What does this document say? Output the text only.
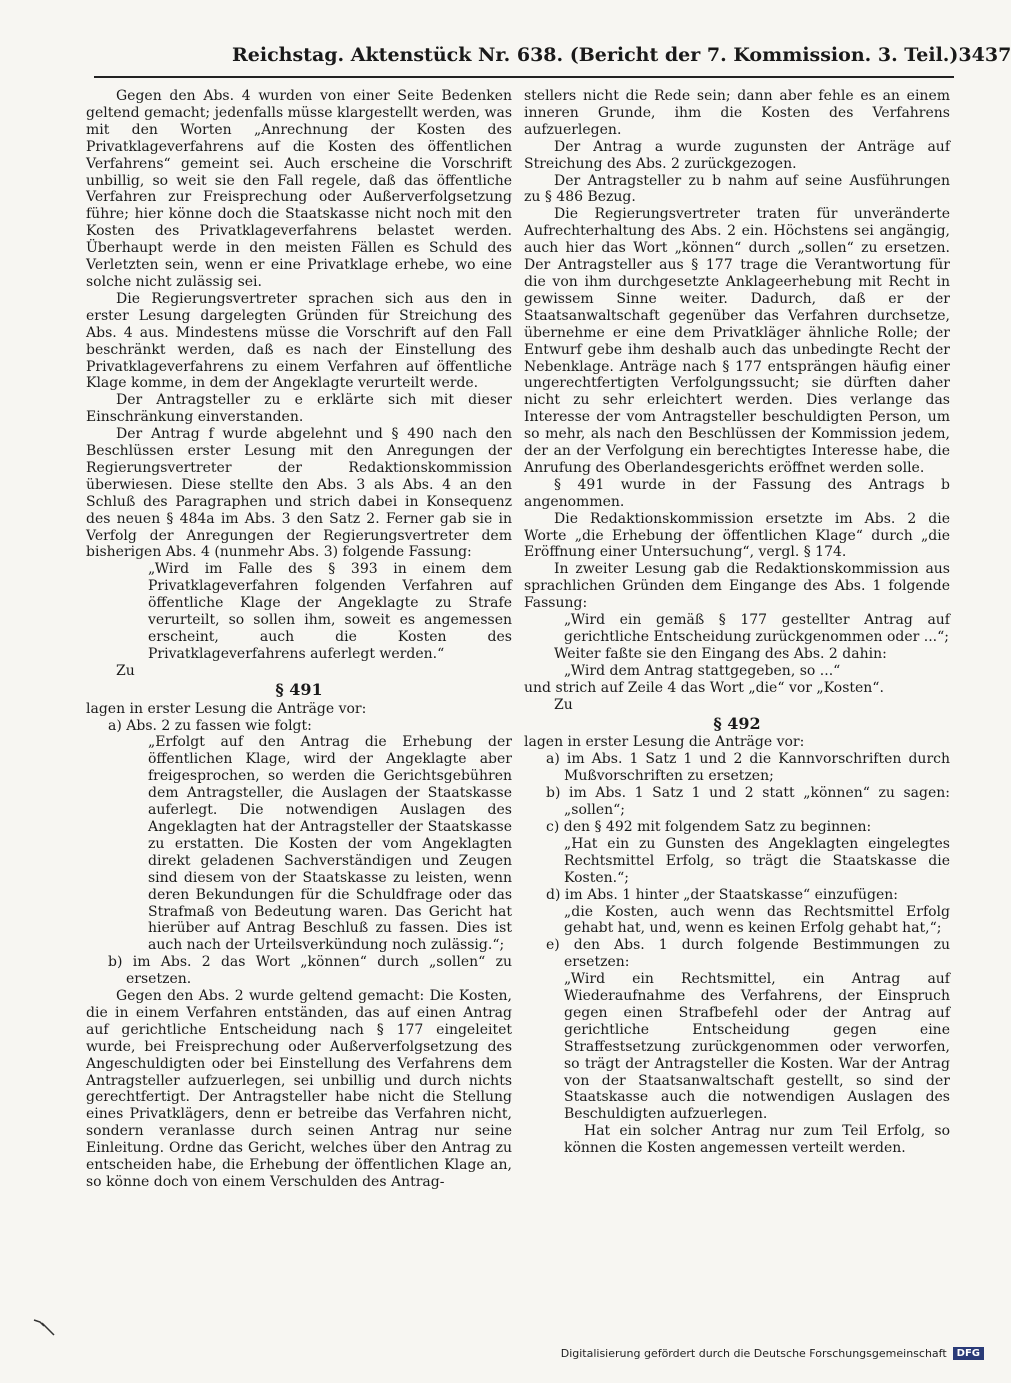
Reichstag. Aktenstück Nr. 638. (Bericht der 7. Kommission. 3. Teil.) 3437

Gegen den Abs. 4 wurden von einer Seite Bedenken geltend gemacht; jedenfalls müsse klargestellt werden, was mit den Worten „Anrechnung der Kosten des Privatklageverfahrens auf die Kosten des öffentlichen Verfahrens“ gemeint sei. Auch erscheine die Vorschrift unbillig, so weit sie den Fall regele, daß das öffentliche Verfahren zur Freisprechung oder Außerverfolgsetzung führe; hier könne doch die Staatskasse nicht noch mit den Kosten des Privatklageverfahrens belastet werden. Überhaupt werde in den meisten Fällen es Schuld des Verletzten sein, wenn er eine Privatklage erhebe, wo eine solche nicht zulässig sei.

Die Regierungsvertreter sprachen sich aus den in erster Lesung dargelegten Gründen für Streichung des Abs. 4 aus. Mindestens müsse die Vorschrift auf den Fall beschränkt werden, daß es nach der Einstellung des Privatklageverfahrens zu einem Verfahren auf öffentliche Klage komme, in dem der Angeklagte verurteilt werde.

Der Antragsteller zu e erklärte sich mit dieser Einschränkung einverstanden.

Der Antrag f wurde abgelehnt und § 490 nach den Beschlüssen erster Lesung mit den Anregungen der Regierungsvertreter der Redaktionskommission überwiesen. Diese stellte den Abs. 3 als Abs. 4 an den Schluß des Paragraphen und strich dabei in Konsequenz des neuen § 484a im Abs. 3 den Satz 2. Ferner gab sie in Verfolg der Anregungen der Regierungsvertreter dem bisherigen Abs. 4 (nunmehr Abs. 3) folgende Fassung:

„Wird im Falle des § 393 in einem dem Privatklageverfahren folgenden Verfahren auf öffentliche Klage der Angeklagte zu Strafe verurteilt, so sollen ihm, soweit es angemessen erscheint, auch die Kosten des Privatklageverfahrens auferlegt werden.“

Zu

§ 491

lagen in erster Lesung die Anträge vor:

a) Abs. 2 zu fassen wie folgt:

„Erfolgt auf den Antrag die Erhebung der öffentlichen Klage, wird der Angeklagte aber freigesprochen, so werden die Gerichtsgebühren dem Antragsteller, die Auslagen der Staatskasse auferlegt. Die notwendigen Auslagen des Angeklagten hat der Antragsteller der Staatskasse zu erstatten. Die Kosten der vom Angeklagten direkt geladenen Sachverständigen und Zeugen sind diesem von der Staatskasse zu leisten, wenn deren Bekundungen für die Schuldfrage oder das Strafmaß von Bedeutung waren. Das Gericht hat hierüber auf Antrag Beschluß zu fassen. Dies ist auch nach der Urteilsverkündung noch zulässig.“;

b) im Abs. 2 das Wort „können“ durch „sollen“ zu ersetzen.

Gegen den Abs. 2 wurde geltend gemacht: Die Kosten, die in einem Verfahren entständen, das auf einen Antrag auf gerichtliche Entscheidung nach § 177 eingeleitet wurde, bei Freisprechung oder Außerverfolgsetzung des Angeschuldigten oder bei Einstellung des Verfahrens dem Antragsteller aufzuerlegen, sei unbillig und durch nichts gerechtfertigt. Der Antragsteller habe nicht die Stellung eines Privatklägers, denn er betreibe das Verfahren nicht, sondern veranlasse durch seinen Antrag nur seine Einleitung. Ordne das Gericht, welches über den Antrag zu entscheiden habe, die Erhebung der öffentlichen Klage an, so könne doch von einem Verschulden des Antrag-

stellers nicht die Rede sein; dann aber fehle es an einem inneren Grunde, ihm die Kosten des Verfahrens aufzuerlegen.

Der Antrag a wurde zugunsten der Anträge auf Streichung des Abs. 2 zurückgezogen.

Der Antragsteller zu b nahm auf seine Ausführungen zu § 486 Bezug.

Die Regierungsvertreter traten für unveränderte Aufrechterhaltung des Abs. 2 ein. Höchstens sei angängig, auch hier das Wort „können“ durch „sollen“ zu ersetzen. Der Antragsteller aus § 177 trage die Verantwortung für die von ihm durchgesetzte Anklageerhebung mit Recht in gewissem Sinne weiter. Dadurch, daß er der Staatsanwaltschaft gegenüber das Verfahren durchsetze, übernehme er eine dem Privatkläger ähnliche Rolle; der Entwurf gebe ihm deshalb auch das unbedingte Recht der Nebenklage. Anträge nach § 177 entsprängen häufig einer ungerechtfertigten Verfolgungssucht; sie dürften daher nicht zu sehr erleichtert werden. Dies verlange das Interesse der vom Antragsteller beschuldigten Person, um so mehr, als nach den Beschlüssen der Kommission jedem, der an der Verfolgung ein berechtigtes Interesse habe, die Anrufung des Oberlandesgerichts eröffnet werden solle.

§ 491 wurde in der Fassung des Antrags b angenommen.

Die Redaktionskommission ersetzte im Abs. 2 die Worte „die Erhebung der öffentlichen Klage“ durch „die Eröffnung einer Untersuchung“, vergl. § 174.

In zweiter Lesung gab die Redaktionskommission aus sprachlichen Gründen dem Eingange des Abs. 1 folgende Fassung:

„Wird ein gemäß § 177 gestellter Antrag auf gerichtliche Entscheidung zurückgenommen oder ...“;

Weiter faßte sie den Eingang des Abs. 2 dahin:

„Wird dem Antrag stattgegeben, so ...“

und strich auf Zeile 4 das Wort „die“ vor „Kosten“.

Zu

§ 492

lagen in erster Lesung die Anträge vor:

a) im Abs. 1 Satz 1 und 2 die Kannvorschriften durch Mußvorschriften zu ersetzen;

b) im Abs. 1 Satz 1 und 2 statt „können“ zu sagen: „sollen“;

c) den § 492 mit folgendem Satz zu beginnen:

„Hat ein zu Gunsten des Angeklagten eingelegtes Rechtsmittel Erfolg, so trägt die Staatskasse die Kosten.“;

d) im Abs. 1 hinter „der Staatskasse“ einzufügen:

„die Kosten, auch wenn das Rechtsmittel Erfolg gehabt hat, und, wenn es keinen Erfolg gehabt hat,“;

e) den Abs. 1 durch folgende Bestimmungen zu ersetzen:

„Wird ein Rechtsmittel, ein Antrag auf Wiederaufnahme des Verfahrens, der Einspruch gegen einen Strafbefehl oder der Antrag auf gerichtliche Entscheidung gegen eine Straffestsetzung zurückgenommen oder verworfen, so trägt der Antragsteller die Kosten. War der Antrag von der Staatsanwaltschaft gestellt, so sind der Staatskasse auch die notwendigen Auslagen des Beschuldigten aufzuerlegen.

Hat ein solcher Antrag nur zum Teil Erfolg, so können die Kosten angemessen verteilt werden.

Digitalisierung gefördert durch die Deutsche Forschungsgemeinschaft	DFG
